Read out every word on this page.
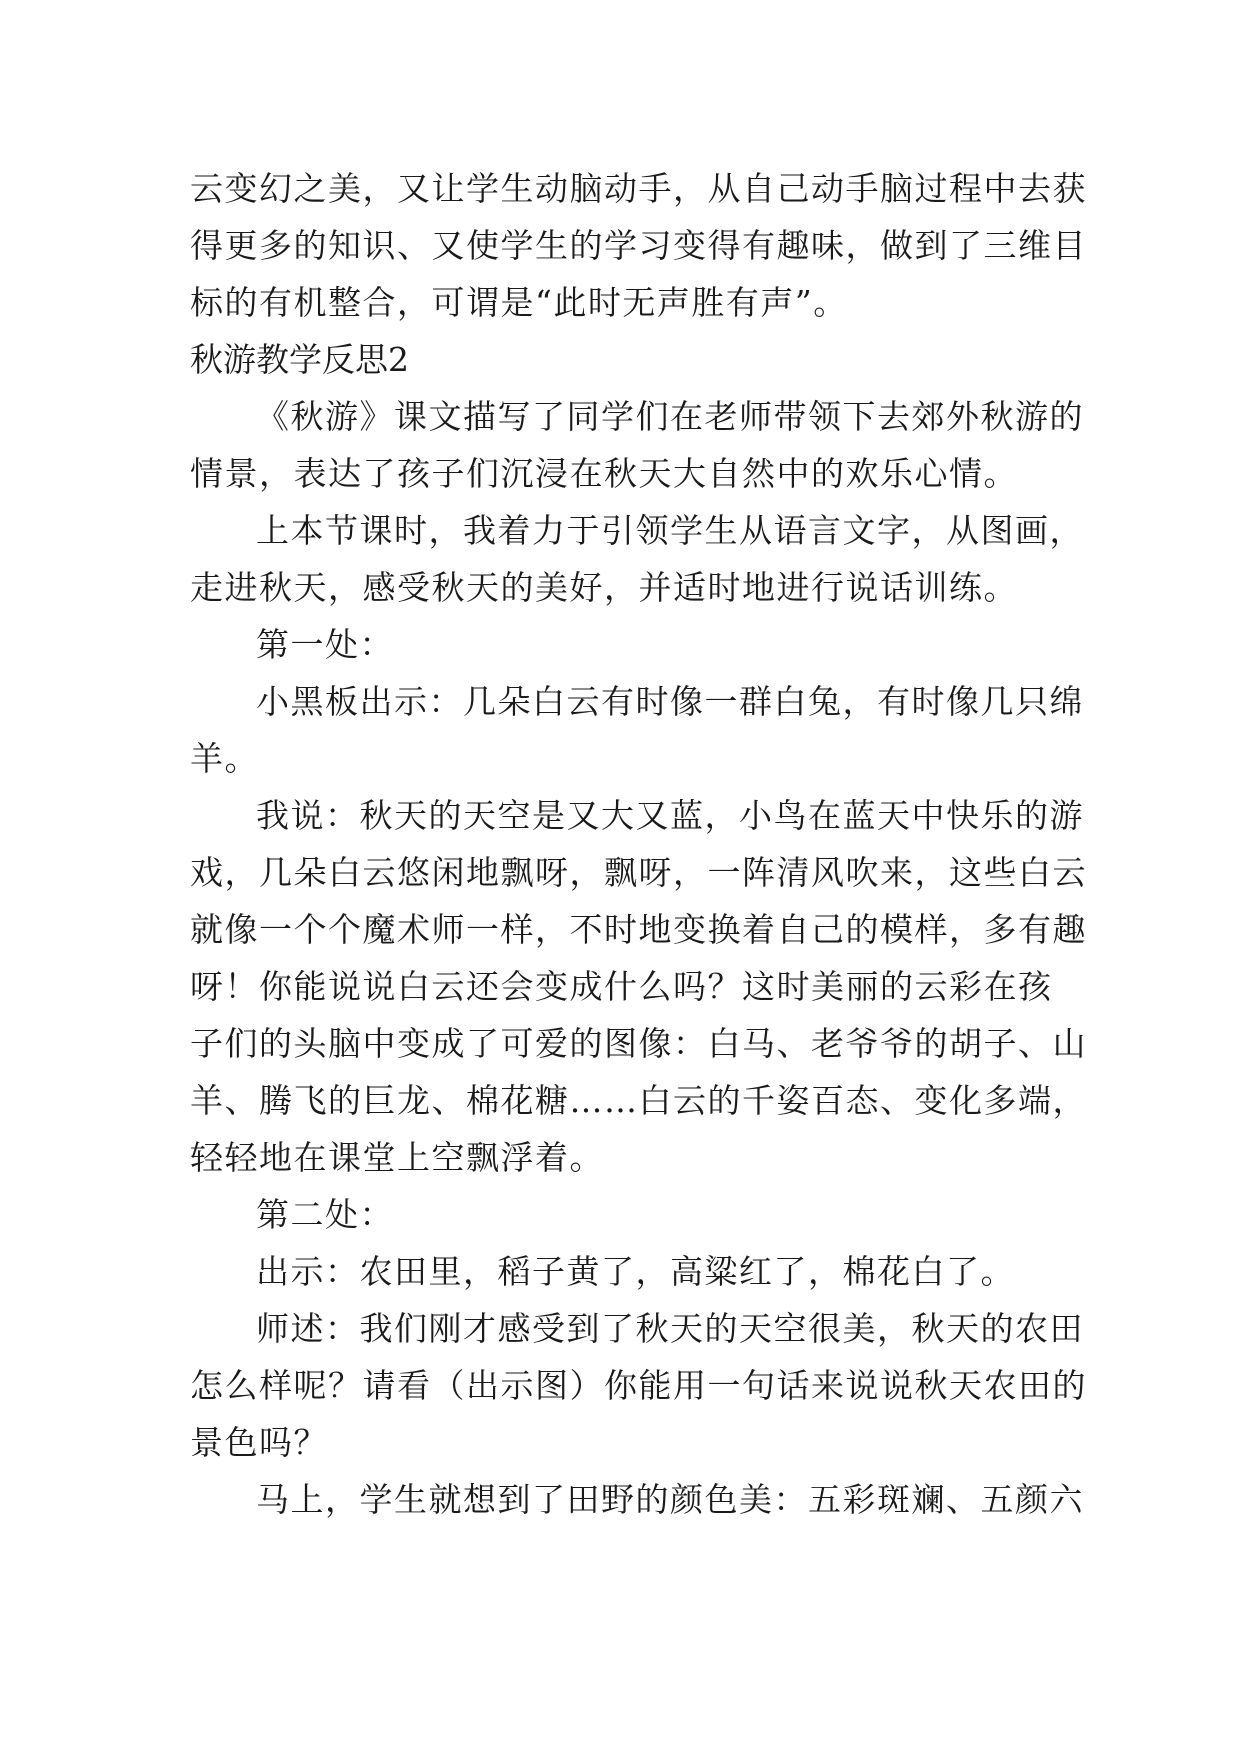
云变幻之美，又让学生动脑动手，从自己动手脑过程中去获
得更多的知识、又使学生的学习变得有趣味，做到了三维目
标的有机整合，可谓是“此时无声胜有声”。
秋游教学反思2
《秋游》课文描写了同学们在老师带领下去郊外秋游的
情景，表达了孩子们沉浸在秋天大自然中的欢乐心情。
上本节课时，我着力于引领学生从语言文字，从图画，
走进秋天，感受秋天的美好，并适时地进行说话训练。
第一处：
小黑板出示：几朵白云有时像一群白兔，有时像几只绵
羊。
我说：秋天的天空是又大又蓝，小鸟在蓝天中快乐的游
戏，几朵白云悠闲地飘呀，飘呀，一阵清风吹来，这些白云
就像一个个魔术师一样，不时地变换着自己的模样，多有趣
呀！你能说说白云还会变成什么吗？这时美丽的云彩在孩
子们的头脑中变成了可爱的图像：白马、老爷爷的胡子、山
羊、腾飞的巨龙、棉花糖……白云的千姿百态、变化多端，
轻轻地在课堂上空飘浮着。
第二处：
出示：农田里，稻子黄了，高粱红了，棉花白了。
师述：我们刚才感受到了秋天的天空很美，秋天的农田
怎么样呢？请看（出示图）你能用一句话来说说秋天农田的
景色吗？
马上，学生就想到了田野的颜色美：五彩斑斓、五颜六
